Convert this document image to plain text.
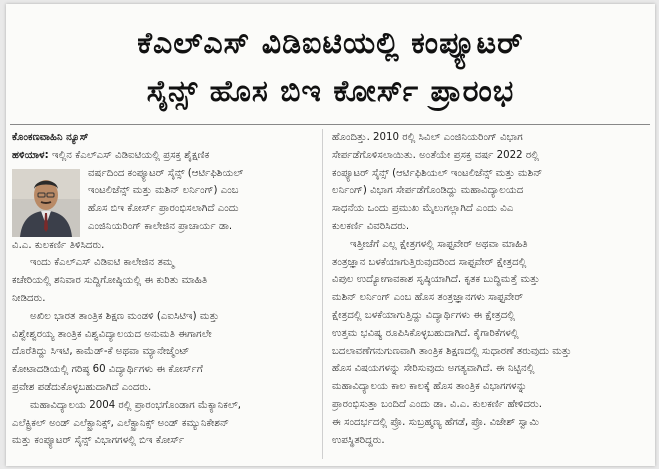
ಕೆಎಲ್ಎಸ್ ವಿಡಿಐಟಿಯಲ್ಲಿ ಕಂಪ್ಯೂಟರ್
ಸೈನ್ಸ್ ಹೊಸ ಬಿಇ ಕೋರ್ಸ್ ಪ್ರಾರಂಭ
ಕೊಂಕಣವಾಹಿನಿ ನ್ಯೂಸ್
ಹಳಿಯಾಳ: ಇಲ್ಲಿನ ಕೆಎಲ್ಎಸ್ ವಿಡಿಐಟಿಯಲ್ಲಿ ಪ್ರಸಕ್ತ ಶೈಕ್ಷಣಿಕ
ವರ್ಷದಿಂದ ಕಂಪ್ಯೂಟರ್ ಸೈನ್ಸ್ (ಆರ್ಟಿಫಿಶಿಯಲ್
ಇಂಟಲಿಜೆನ್ಸ್ ಮತ್ತು ಮಶಿನ್ ಲರ್ನಿಂಗ್) ಎಂಬ
ಹೊಸ ಬಿಇ ಕೋರ್ಸ್ ಪ್ರಾರಂಭಿಸಲಾಗಿದೆ ಎಂದು
ಎಂಜಿನಿಯರಿಂಗ್ ಕಾಲೇಜಿನ ಪ್ರಾಚಾರ್ಯ ಡಾ.
ವಿ.ಎ. ಕುಲಕರ್ಣಿ ತಿಳಿಸಿದರು.
ಇಂದು ಕೆಎಲ್ಎಸ್ ವಿಡಿಐಟಿ ಕಾಲೇಜಿನ ತಮ್ಮ
ಕಚೇರಿಯಲ್ಲಿ ಶನಿವಾರ ಸುದ್ದಿಗೋಷ್ಠಿಯಲ್ಲಿ ಈ ಕುರಿತು ಮಾಹಿತಿ
ನೀಡಿದರು.
ಅಖಿಲ ಭಾರತ ತಾಂತ್ರಿಕ ಶಿಕ್ಷಣ ಮಂಡಳಿ (ಎಐಸಿಟಿಇ) ಮತ್ತು
ವಿಶ್ವೇಶ್ವರಯ್ಯ ತಾಂತ್ರಿಕ ವಿಶ್ವವಿದ್ಯಾಲಯದ ಅನುಮತಿ ಈಗಾಗಲೇ
ದೊರೆತಿದ್ದು ಸಿಇಟಿ, ಕಾಮೆಡ್-ಕೆ ಅಥವಾ ಮ್ಯಾನೇಜ್ಮೆಂಟ್
ಕೋಟಾದಡಿಯಲ್ಲಿ ಗರಿಷ್ಠ 60 ವಿದ್ಯಾರ್ಥಿಗಳು ಈ ಕೋರ್ಸ್‌ಗೆ
ಪ್ರವೇಶ ಪಡೆದುಕೊಳ್ಳಬಹುದಾಗಿದೆ ಎಂದರು.
ಮಹಾವಿದ್ಯಾಲಯ 2004 ರಲ್ಲಿ ಪ್ರಾರಂಭಗೊಂಡಾಗ ಮೆಕ್ಯಾನಿಕಲ್,
ಎಲೆಕ್ಟ್ರಿಕಲ್ ಅಂಡ್ ಎಲೆಕ್ಟ್ರಾನಿಕ್ಸ್, ಎಲೆಕ್ಟ್ರಾನಿಕ್ಸ್ ಅಂಡ್ ಕಮ್ಯುನಿಕೇಶನ್
ಮತ್ತು ಕಂಪ್ಯೂಟರ್ ಸೈನ್ಸ್ ವಿಭಾಗಗಳಲ್ಲಿ ಬಿಇ ಕೋರ್ಸ್
ಹೊಂದಿತ್ತು. 2010 ರಲ್ಲಿ ಸಿವಿಲ್ ಎಂಜಿನಿಯರಿಂಗ್ ವಿಭಾಗ
ಸೇರ್ಪಡೆಗೊಳಿಸಲಾಯಿತು. ಅಂತೆಯೇ ಪ್ರಸಕ್ತ ವರ್ಷ 2022 ರಲ್ಲಿ
ಕಂಪ್ಯೂಟರ್ ಸೈನ್ಸ್ (ಆರ್ಟಿಫಿಶಿಯಲ್ ಇಂಟಲಿಜೆನ್ಸ್ ಮತ್ತು ಮಶಿನ್
ಲರ್ನಿಂಗ್) ವಿಭಾಗ ಸೇರ್ಪಡೆಗೊಂಡಿದ್ದು ಮಹಾವಿದ್ಯಾಲಯದ
ಸಾಧನೆಯ ಒಂದು ಪ್ರಮುಖ ಮೈಲುಗಲ್ಲಾಗಿದೆ ಎಂದು ವಿಎ
ಕುಲಕರ್ಣಿ ವಿವರಿಸಿದರು.
ಇತ್ತೀಚೆಗೆ ಎಲ್ಲ ಕ್ಷೇತ್ರಗಳಲ್ಲಿ ಸಾಫ್ಟವೇರ್ ಅಥವಾ ಮಾಹಿತಿ
ತಂತ್ರಜ್ಞಾನ ಬಳಕೆಯಾಗುತ್ತಿರುವುದರಿಂದ ಸಾಫ್ಟವೇರ್ ಕ್ಷೇತ್ರದಲ್ಲಿ
ವಿಪುಲ ಉದ್ಯೋಗಾವಕಾಶ ಸೃಷ್ಠಿಯಾಗಿದೆ. ಕೃತಕ ಬುದ್ಧಿಮತ್ತೆ ಮತ್ತು
ಮಶಿನ್ ಲರ್ನಿಂಗ್ ಎಂಬ ಹೊಸ ತಂತ್ರಜ್ಞಾನಗಳು ಸಾಫ್ಟವೇರ್
ಕ್ಷೇತ್ರದಲ್ಲಿ ಬಳಕೆಯಾಗುತ್ತಿದ್ದು ವಿದ್ಯಾರ್ಥಿಗಳು ಈ ಕ್ಷೇತ್ರದಲ್ಲಿ
ಉತ್ತಮ ಭವಿಷ್ಯ ರೂಪಿಸಿಕೊಳ್ಳಬಹುದಾಗಿದೆ. ಕೈಗಾರಿಕೆಗಳಲ್ಲಿ
ಬದಲಾವಣೆಗನುಗುಣವಾಗಿ ತಾಂತ್ರಿಕ ಶಿಕ್ಷಣದಲ್ಲಿ ಸುಧಾರಣೆ ತರುವುದು ಮತ್ತು
ಹೊಸ ವಿಷಯಗಳನ್ನು ಸೇರಿಸುವುದು ಅಗತ್ಯವಾಗಿದೆ. ಈ ನಿಟ್ಟಿನಲ್ಲಿ
ಮಹಾವಿದ್ಯಾಲಯ ಕಾಲ ಕಾಲಕ್ಕೆ ಹೊಸ ತಾಂತ್ರಿಕ ವಿಭಾಗಗಳನ್ನು
ಪ್ರಾರಂಭಿಸುತ್ತಾ ಬಂದಿದೆ ಎಂದು ಡಾ. ವಿ.ಎ. ಕುಲಕರ್ಣಿ ಹೇಳಿದರು.
ಈ ಸಂದರ್ಭದಲ್ಲಿ ಪ್ರೊ. ಸುಬ್ರಹ್ಮಣ್ಯ ಹೆಗಡೆ, ಪ್ರೊ. ವಿಜೇಶ್ ಸ್ವಾಮಿ
ಉಪಸ್ಥಿತರಿದ್ದರು.
